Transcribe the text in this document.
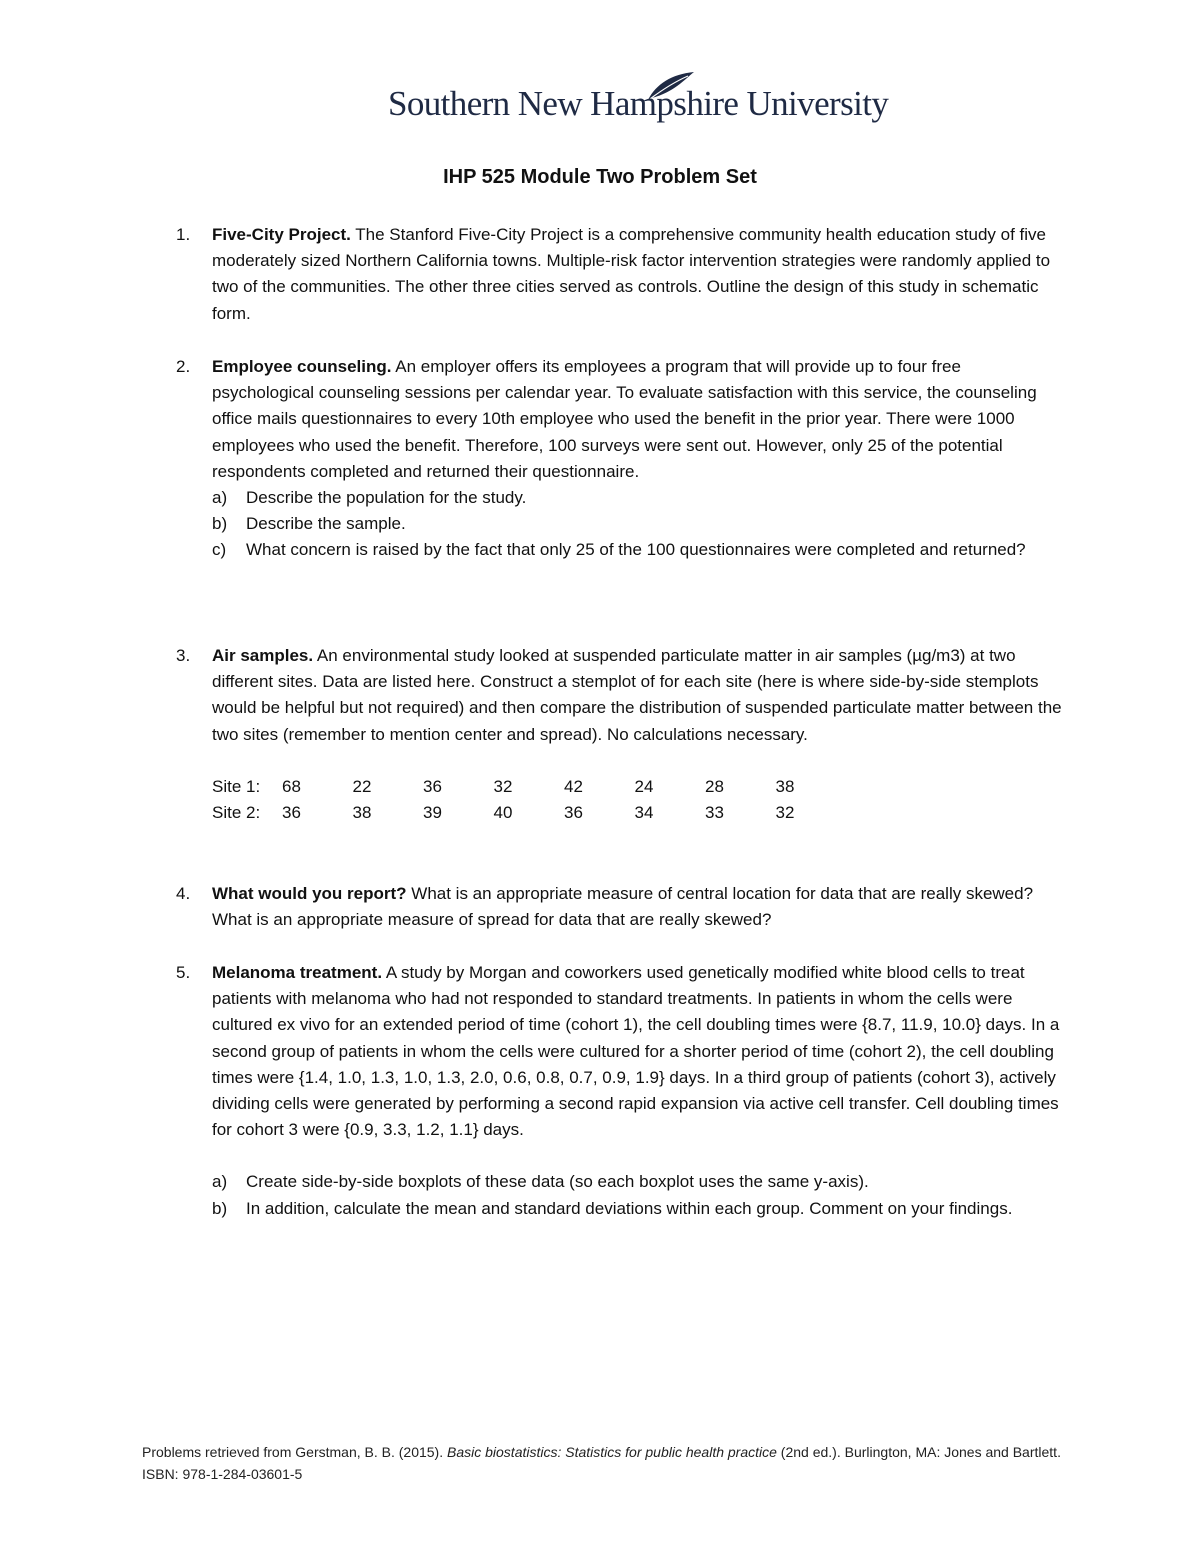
Southern New Hampshire University
IHP 525 Module Two Problem Set
1. Five-City Project. The Stanford Five-City Project is a comprehensive community health education study of five moderately sized Northern California towns. Multiple-risk factor intervention strategies were randomly applied to two of the communities. The other three cities served as controls. Outline the design of this study in schematic form.
2. Employee counseling. An employer offers its employees a program that will provide up to four free psychological counseling sessions per calendar year. To evaluate satisfaction with this service, the counseling office mails questionnaires to every 10th employee who used the benefit in the prior year. There were 1000 employees who used the benefit. Therefore, 100 surveys were sent out. However, only 25 of the potential respondents completed and returned their questionnaire.
a) Describe the population for the study.
b) Describe the sample.
c) What concern is raised by the fact that only 25 of the 100 questionnaires were completed and returned?
3. Air samples. An environmental study looked at suspended particulate matter in air samples (µg/m3) at two different sites. Data are listed here. Construct a stemplot of for each site (here is where side-by-side stemplots would be helpful but not required) and then compare the distribution of suspended particulate matter between the two sites (remember to mention center and spread). No calculations necessary.
Site 1:	68	22	36	32	42	24	28	38
Site 2:	36	38	39	40	36	34	33	32
4. What would you report? What is an appropriate measure of central location for data that are really skewed? What is an appropriate measure of spread for data that are really skewed?
5. Melanoma treatment. A study by Morgan and coworkers used genetically modified white blood cells to treat patients with melanoma who had not responded to standard treatments. In patients in whom the cells were cultured ex vivo for an extended period of time (cohort 1), the cell doubling times were {8.7, 11.9, 10.0} days. In a second group of patients in whom the cells were cultured for a shorter period of time (cohort 2), the cell doubling times were {1.4, 1.0, 1.3, 1.0, 1.3, 2.0, 0.6, 0.8, 0.7, 0.9, 1.9} days. In a third group of patients (cohort 3), actively dividing cells were generated by performing a second rapid expansion via active cell transfer. Cell doubling times for cohort 3 were {0.9, 3.3, 1.2, 1.1} days.
a) Create side-by-side boxplots of these data (so each boxplot uses the same y-axis).
b) In addition, calculate the mean and standard deviations within each group. Comment on your findings.
Problems retrieved from Gerstman, B. B. (2015). Basic biostatistics: Statistics for public health practice (2nd ed.). Burlington, MA: Jones and Bartlett. ISBN: 978-1-284-03601-5
